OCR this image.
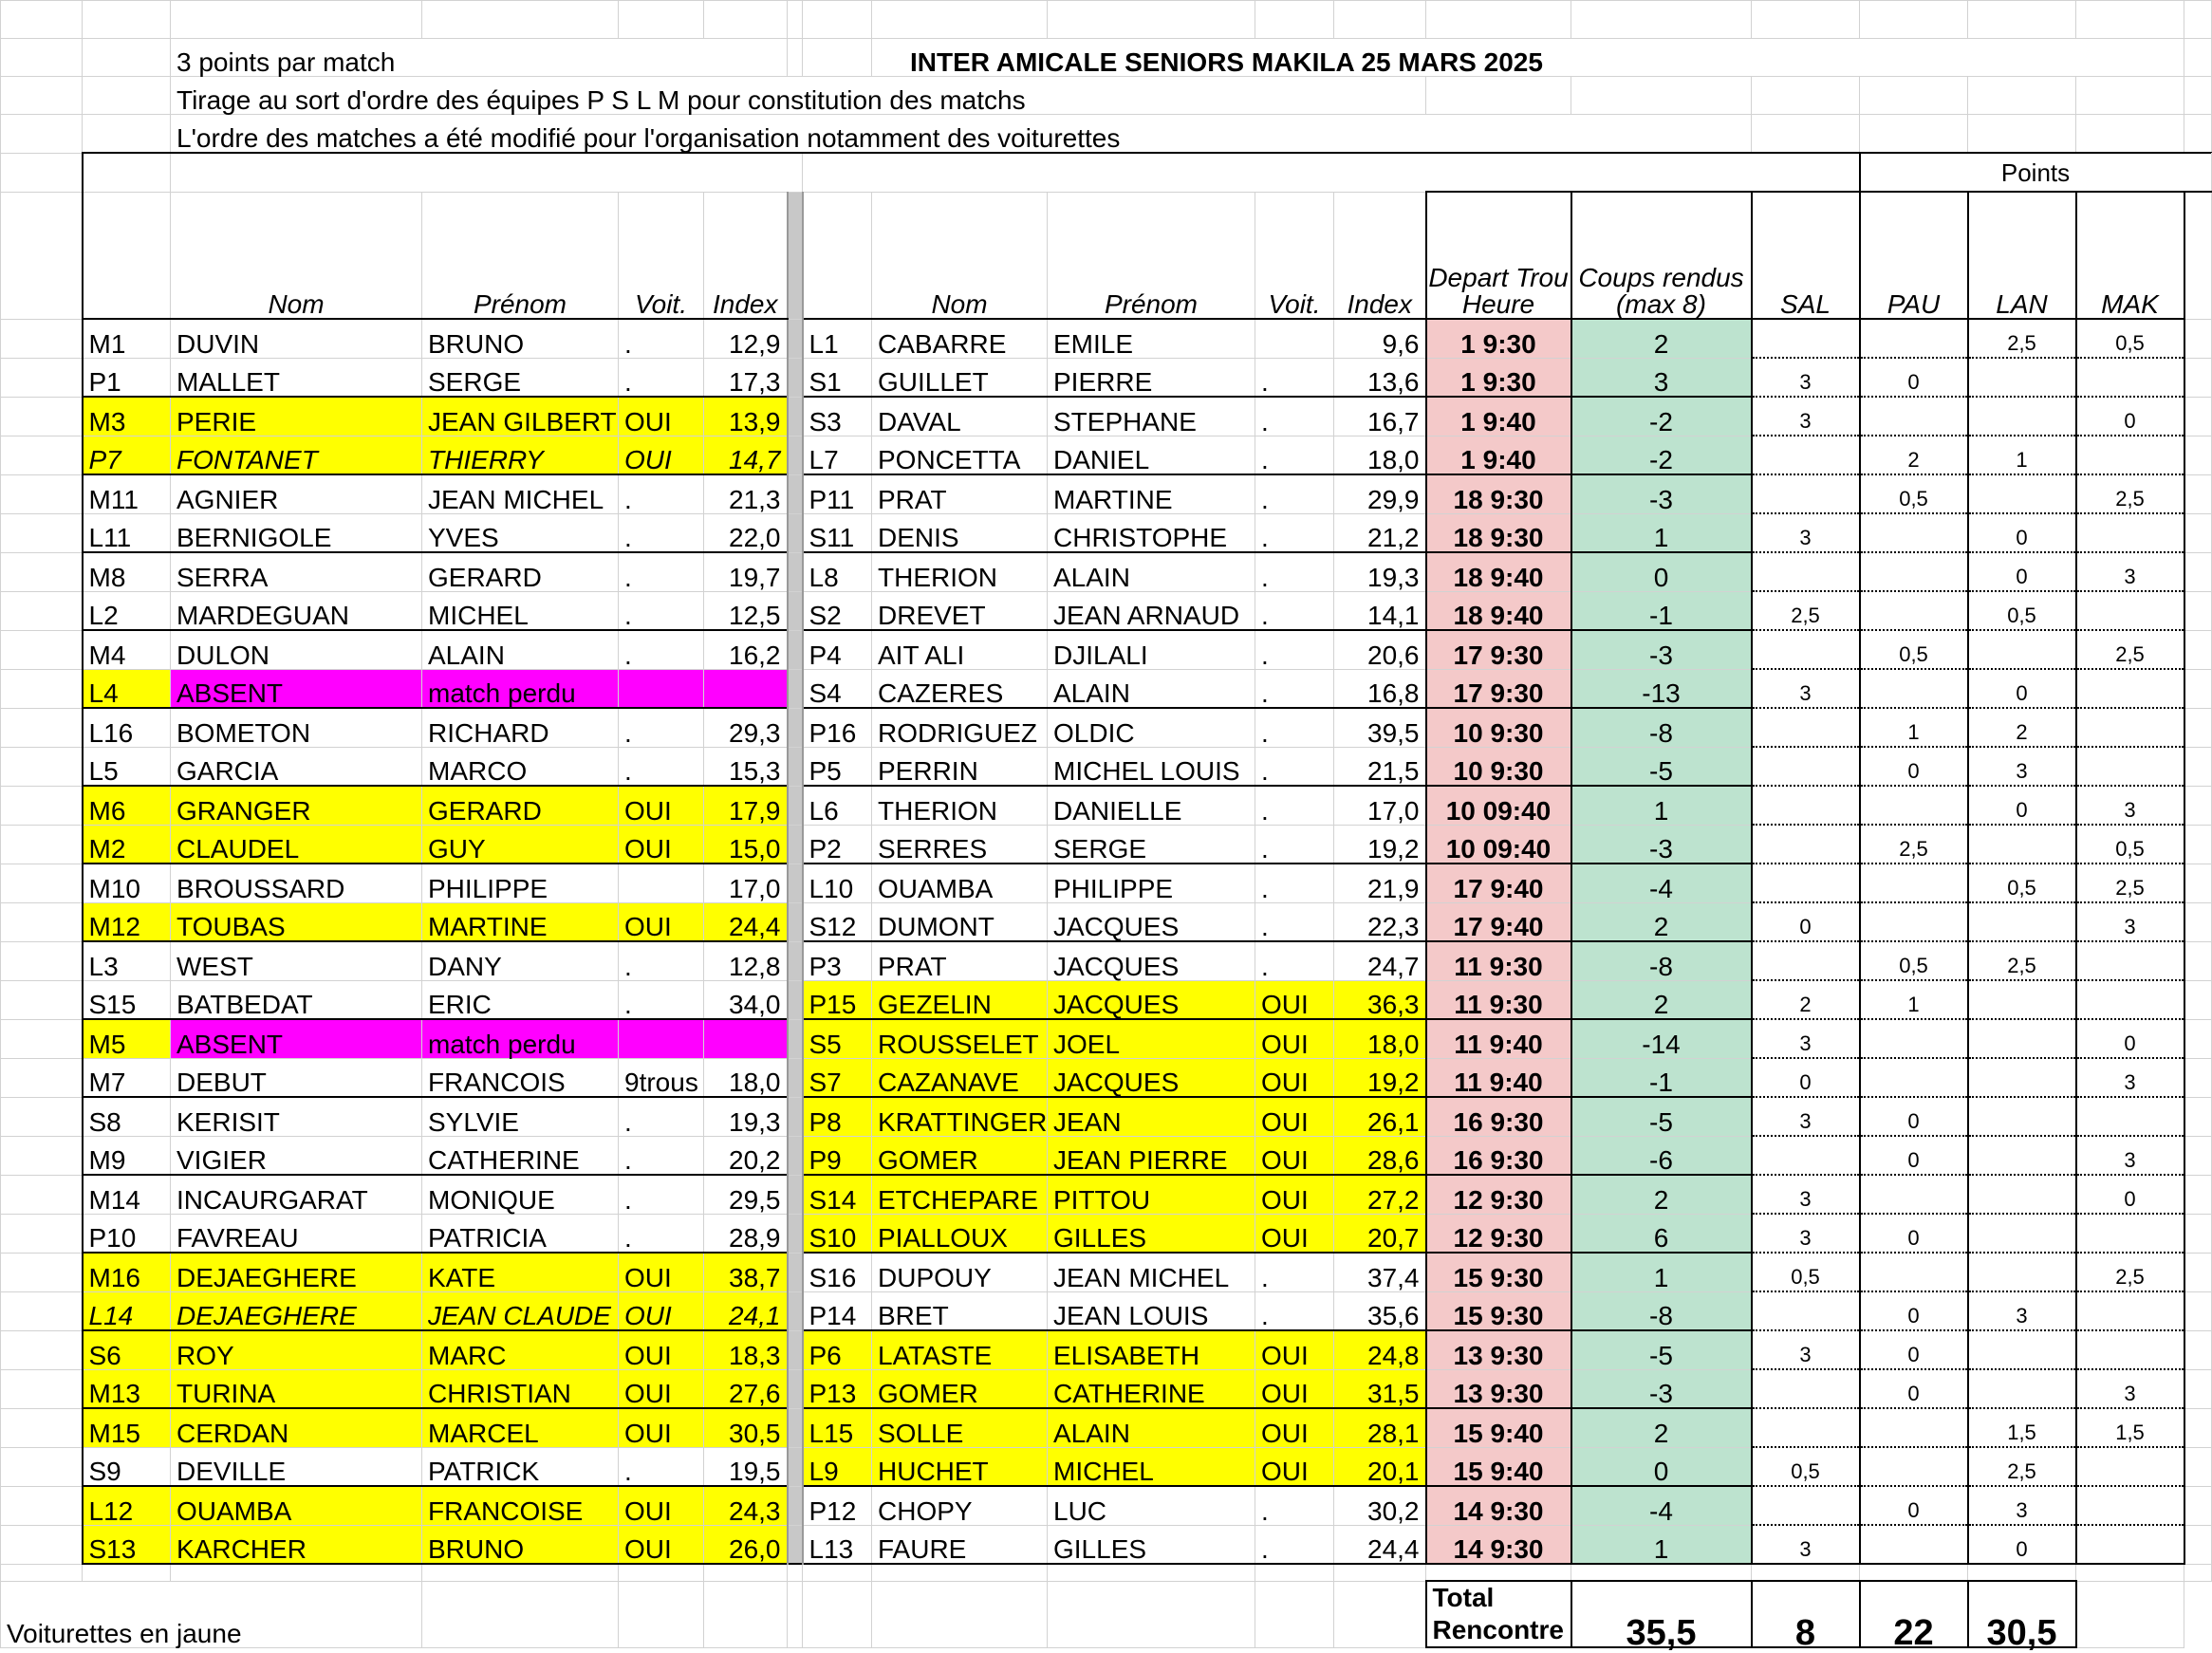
		3 points par match						INTER AMICALE SENIORS MAKILA 25 MARS 2025											
		Tirage au sort d'ordre des équipes P S L M pour constitution des matchs																	
		L'ordre des matches a été modifié pour l'organisation notamment des voiturettes																	
															Points				
		Nom	Prénom	Voit.	Index			Nom	Prénom	Voit.	Index	Depart Trou Heure	Coups rendus (max 8)	SAL	PAU	LAN	MAK		
	M1	DUVIN	BRUNO	.	12,9		L1	CABARRE	EMILE		9,6	1 9:30	2			2,5	0,5		
	P1	MALLET	SERGE	.	17,3		S1	GUILLET	PIERRE	.	13,6	1 9:30	3	3	0				
	M3	PERIE	JEAN GILBERT	OUI	13,9		S3	DAVAL	STEPHANE	.	16,7	1 9:40	-2	3			0		
	P7	FONTANET	THIERRY	OUI	14,7		L7	PONCETTA	DANIEL	.	18,0	1 9:40	-2		2	1			
	M11	AGNIER	JEAN MICHEL	.	21,3		P11	PRAT	MARTINE	.	29,9	18 9:30	-3		0,5		2,5		
	L11	BERNIGOLE	YVES	.	22,0		S11	DENIS	CHRISTOPHE	.	21,2	18 9:30	1	3		0			
	M8	SERRA	GERARD	.	19,7		L8	THERION	ALAIN	.	19,3	18 9:40	0			0	3		
	L2	MARDEGUAN	MICHEL	.	12,5		S2	DREVET	JEAN ARNAUD	.	14,1	18 9:40	-1	2,5		0,5			
	M4	DULON	ALAIN	.	16,2		P4	AIT ALI	DJILALI	.	20,6	17 9:30	-3		0,5		2,5		
	L4	ABSENT	match perdu				S4	CAZERES	ALAIN	.	16,8	17 9:30	-13	3		0			
	L16	BOMETON	RICHARD	.	29,3		P16	RODRIGUEZ	OLDIC	.	39,5	10 9:30	-8		1	2			
	L5	GARCIA	MARCO	.	15,3		P5	PERRIN	MICHEL LOUIS	.	21,5	10 9:30	-5		0	3			
	M6	GRANGER	GERARD	OUI	17,9		L6	THERION	DANIELLE	.	17,0	10 09:40	1			0	3		
	M2	CLAUDEL	GUY	OUI	15,0		P2	SERRES	SERGE	.	19,2	10 09:40	-3		2,5		0,5		
	M10	BROUSSARD	PHILIPPE		17,0		L10	OUAMBA	PHILIPPE	.	21,9	17 9:40	-4			0,5	2,5		
	M12	TOUBAS	MARTINE	OUI	24,4		S12	DUMONT	JACQUES	.	22,3	17 9:40	2	0			3		
	L3	WEST	DANY	.	12,8		P3	PRAT	JACQUES	.	24,7	11 9:30	-8		0,5	2,5			
	S15	BATBEDAT	ERIC	.	34,0		P15	GEZELIN	JACQUES	OUI	36,3	11 9:30	2	2	1				
	M5	ABSENT	match perdu				S5	ROUSSELET	JOEL	OUI	18,0	11 9:40	-14	3			0		
	M7	DEBUT	FRANCOIS	9trous	18,0		S7	CAZANAVE	JACQUES	OUI	19,2	11 9:40	-1	0			3		
	S8	KERISIT	SYLVIE	.	19,3		P8	KRATTINGER	JEAN	OUI	26,1	16 9:30	-5	3	0				
	M9	VIGIER	CATHERINE	.	20,2		P9	GOMER	JEAN PIERRE	OUI	28,6	16 9:30	-6		0		3		
	M14	INCAURGARAT	MONIQUE	.	29,5		S14	ETCHEPARE	PITTOU	OUI	27,2	12 9:30	2	3			0		
	P10	FAVREAU	PATRICIA	.	28,9		S10	PIALLOUX	GILLES	OUI	20,7	12 9:30	6	3	0				
	M16	DEJAEGHERE	KATE	OUI	38,7		S16	DUPOUY	JEAN MICHEL	.	37,4	15 9:30	1	0,5			2,5		
	L14	DEJAEGHERE	JEAN CLAUDE	OUI	24,1		P14	BRET	JEAN LOUIS	.	35,6	15 9:30	-8		0	3			
	S6	ROY	MARC	OUI	18,3		P6	LATASTE	ELISABETH	OUI	24,8	13 9:30	-5	3	0				
	M13	TURINA	CHRISTIAN	OUI	27,6		P13	GOMER	CATHERINE	OUI	31,5	13 9:30	-3		0		3		
	M15	CERDAN	MARCEL	OUI	30,5		L15	SOLLE	ALAIN	OUI	28,1	15 9:40	2			1,5	1,5		
	S9	DEVILLE	PATRICK	.	19,5		L9	HUCHET	MICHEL	OUI	20,1	15 9:40	0	0,5		2,5			
	L12	OUAMBA	FRANCOISE	OUI	24,3		P12	CHOPY	LUC	.	30,2	14 9:30	-4		0	3			
	S13	KARCHER	BRUNO	OUI	26,0		L13	FAURE	GILLES	.	24,4	14 9:30	1	3		0			

Voiturettes en jaune												Total
Rencontre	35,5	8	22	30,5			
